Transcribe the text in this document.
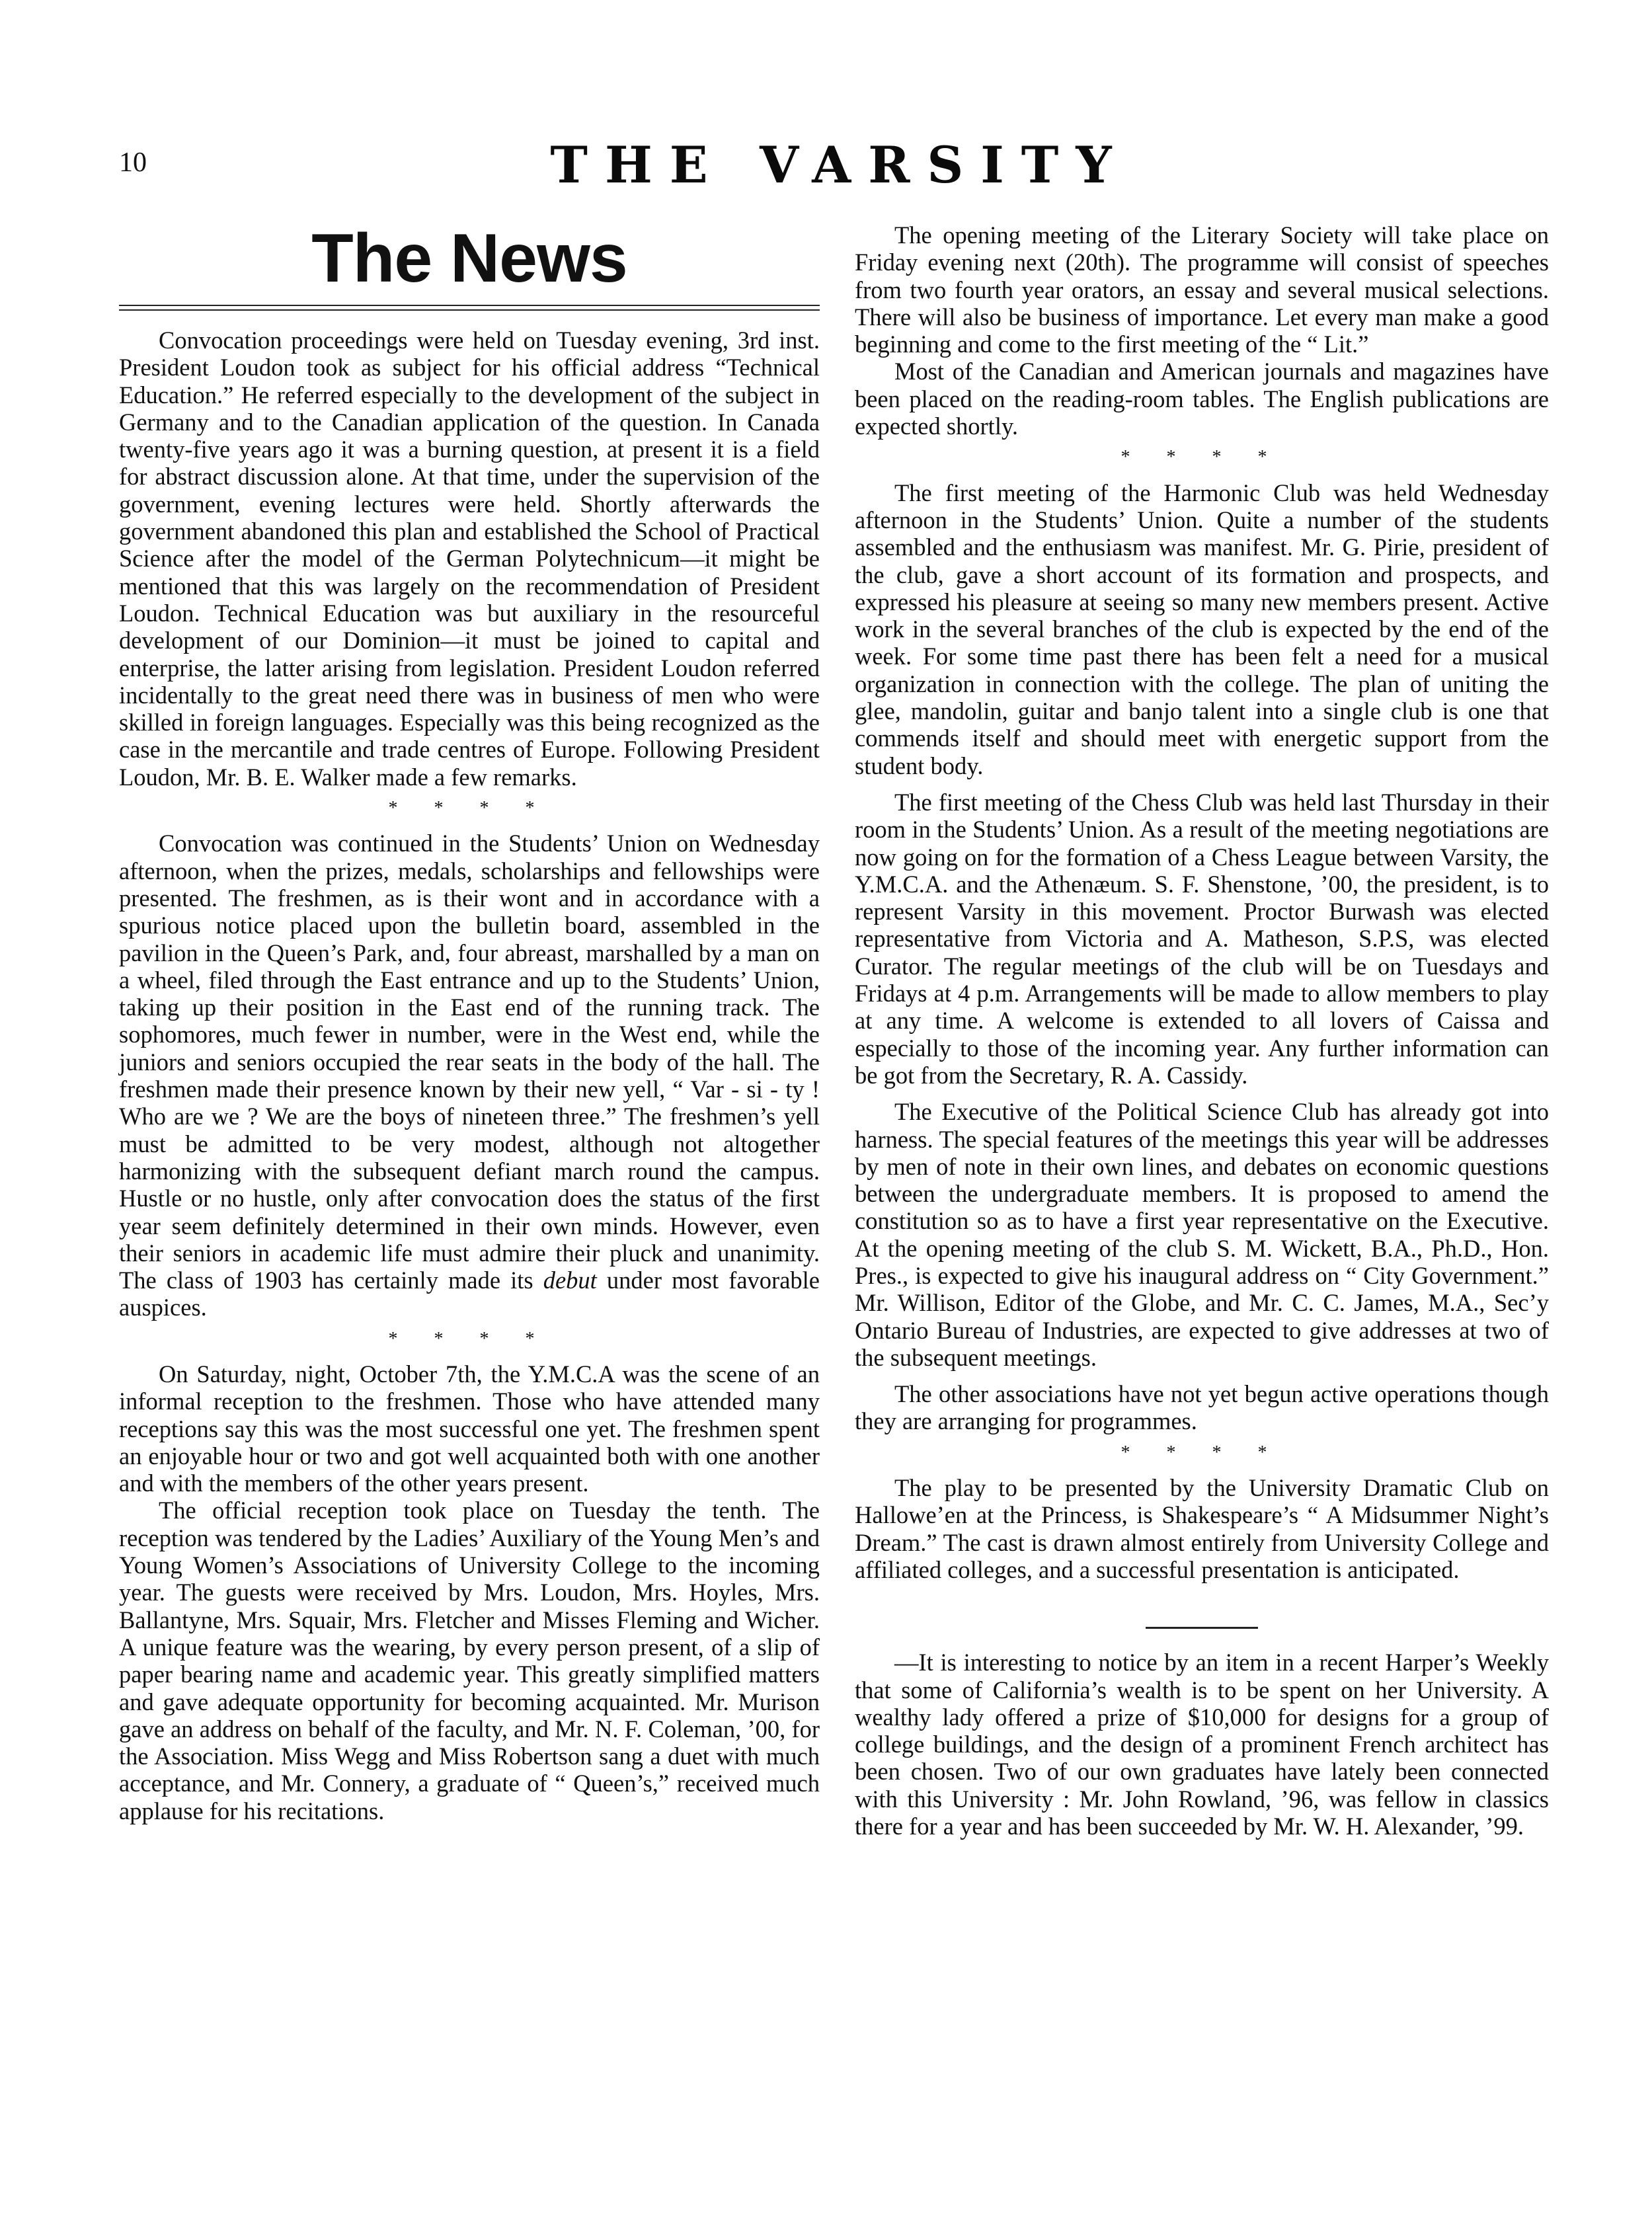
10	THE VARSITY
The News

Convocation proceedings were held on Tuesday evening, 3rd inst. President Loudon took as subject for his official address “Technical Education.” He referred especially to the development of the subject in Germany and to the Canadian application of the question. In Canada twenty-five years ago it was a burning question, at present it is a field for abstract discussion alone. At that time, under the supervision of the government, evening lectures were held. Shortly afterwards the government abandoned this plan and established the School of Practical Science after the model of the German Polytechnicum—it might be mentioned that this was largely on the recommendation of President Loudon. Technical Education was but auxiliary in the resourceful development of our Dominion—it must be joined to capital and enterprise, the latter arising from legislation. President Loudon referred incidentally to the great need there was in business of men who were skilled in foreign languages. Especially was this being recognized as the case in the mercantile and trade centres of Europe. Following President Loudon, Mr. B. E. Walker made a few remarks.

* * * *

Convocation was continued in the Students’ Union on Wednesday afternoon, when the prizes, medals, scholarships and fellowships were presented. The freshmen, as is their wont and in accordance with a spurious notice placed upon the bulletin board, assembled in the pavilion in the Queen’s Park, and, four abreast, marshalled by a man on a wheel, filed through the East entrance and up to the Students’ Union, taking up their position in the East end of the running track. The sophomores, much fewer in number, were in the West end, while the juniors and seniors occupied the rear seats in the body of the hall. The freshmen made their presence known by their new yell, “ Var - si - ty ! Who are we ? We are the boys of nineteen three.” The freshmen’s yell must be admitted to be very modest, although not altogether harmonizing with the subsequent defiant march round the campus. Hustle or no hustle, only after convocation does the status of the first year seem definitely determined in their own minds. However, even their seniors in academic life must admire their pluck and unanimity. The class of 1903 has certainly made its debut under most favorable auspices.

* * * *

On Saturday, night, October 7th, the Y.M.C.A was the scene of an informal reception to the freshmen. Those who have attended many receptions say this was the most successful one yet. The freshmen spent an enjoyable hour or two and got well acquainted both with one another and with the members of the other years present.

The official reception took place on Tuesday the tenth. The reception was tendered by the Ladies’ Auxiliary of the Young Men’s and Young Women’s Associations of University College to the incoming year. The guests were received by Mrs. Loudon, Mrs. Hoyles, Mrs. Ballantyne, Mrs. Squair, Mrs. Fletcher and Misses Fleming and Wicher. A unique feature was the wearing, by every person present, of a slip of paper bearing name and academic year. This greatly simplified matters and gave adequate opportunity for becoming acquainted. Mr. Murison gave an address on behalf of the faculty, and Mr. N. F. Coleman, ’00, for the Association. Miss Wegg and Miss Robertson sang a duet with much acceptance, and Mr. Connery, a graduate of “ Queen’s,” received much applause for his recitations.

The opening meeting of the Literary Society will take place on Friday evening next (20th). The programme will consist of speeches from two fourth year orators, an essay and several musical selections. There will also be business of importance. Let every man make a good beginning and come to the first meeting of the “ Lit.”

Most of the Canadian and American journals and magazines have been placed on the reading-room tables. The English publications are expected shortly.

* * * *

The first meeting of the Harmonic Club was held Wednesday afternoon in the Students’ Union. Quite a number of the students assembled and the enthusiasm was manifest. Mr. G. Pirie, president of the club, gave a short account of its formation and prospects, and expressed his pleasure at seeing so many new members present. Active work in the several branches of the club is expected by the end of the week. For some time past there has been felt a need for a musical organization in connection with the college. The plan of uniting the glee, mandolin, guitar and banjo talent into a single club is one that commends itself and should meet with energetic support from the student body.

The first meeting of the Chess Club was held last Thursday in their room in the Students’ Union. As a result of the meeting negotiations are now going on for the formation of a Chess League between Varsity, the Y.M.C.A. and the Athenæum. S. F. Shenstone, ’00, the president, is to represent Varsity in this movement. Proctor Burwash was elected representative from Victoria and A. Matheson, S.P.S, was elected Curator. The regular meetings of the club will be on Tuesdays and Fridays at 4 p.m. Arrangements will be made to allow members to play at any time. A welcome is extended to all lovers of Caissa and especially to those of the incoming year. Any further information can be got from the Secretary, R. A. Cassidy.

The Executive of the Political Science Club has already got into harness. The special features of the meetings this year will be addresses by men of note in their own lines, and debates on economic questions between the undergraduate members. It is proposed to amend the constitution so as to have a first year representative on the Executive. At the opening meeting of the club S. M. Wickett, B.A., Ph.D., Hon. Pres., is expected to give his inaugural address on “ City Government.” Mr. Willison, Editor of the Globe, and Mr. C. C. James, M.A., Sec’y Ontario Bureau of Industries, are expected to give addresses at two of the subsequent meetings.

The other associations have not yet begun active operations though they are arranging for programmes.

* * * *

The play to be presented by the University Dramatic Club on Hallowe’en at the Princess, is Shakespeare’s “ A Midsummer Night’s Dream.” The cast is drawn almost entirely from University College and affiliated colleges, and a successful presentation is anticipated.

—It is interesting to notice by an item in a recent Harper’s Weekly that some of California’s wealth is to be spent on her University. A wealthy lady offered a prize of $10,000 for designs for a group of college buildings, and the design of a prominent French architect has been chosen. Two of our own graduates have lately been connected with this University : Mr. John Rowland, ’96, was fellow in classics there for a year and has been succeeded by Mr. W. H. Alexander, ’99.
